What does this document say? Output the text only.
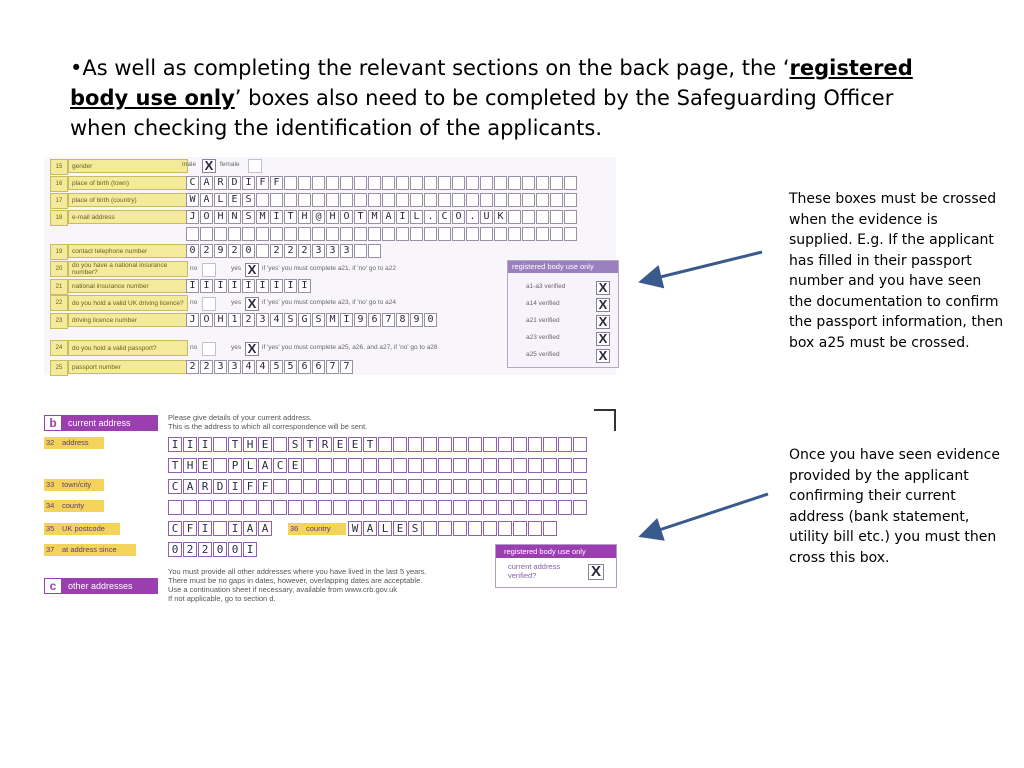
•As well as completing the relevant sections on the back page, the ‘registered body use only’ boxes also need to be completed by the Safeguarding Officer when checking the identification of the applicants.
15	gender	male X	female
16	place of birth (town)	C A R D I F F
17	place of birth (country)	W A L E S
18	e-mail address	J O H N S M I T H @ H O T M A I L . C O . U K
19	contact telephone number	0 2 9 2 0	2 2 2 3 3 3
20	do you have a national insurance number?
no	yes X if 'yes' you must complete a21, if 'no' go to a22
21	national insurance number	I I I I I I I I I
22	do you hold a valid UK driving licence? no	yes X if 'yes' you must complete a23, if 'no' go to a24
23	driving licence number	J O H 1 2 3 4 S G S M I 9 6 7 8 9 0
24	do you hold a valid passport?	no	yes X if 'yes' you must complete a25, a26, and a27, if 'no' go to a28
25	passport number	2 2 3 3 4 4 5 5 6 6 7 7
registered body use only
a1-a3 verified	X
a14 verified	X
a21 verified	X
a23 verified	X
a25 verified	X
b current address
Please give details of your current address.
This is the address to which all correspondence will be sent.
32 address	I I I	T H E	S T R E E T
T H E	P L A C E
33 town/city	C A R D I F F
34 county
35 UK postcode	C F I	I A A	36 country	W A L E S
37 at address since	0 2 2 0 0 I
You must provide all other addresses where you have lived in the last 5 years.
There must be no gaps in dates, however, overlapping dates are acceptable.
Use a continuation sheet if necessary, available from www.crb.gov.uk
If not applicable, go to section d.
c other addresses
registered body use only
current address verified?	X
These boxes must be crossed when the evidence is supplied. E.g. If the applicant has filled in their passport number and you have seen the documentation to confirm the passport information, then box a25 must be crossed.
Once you have seen evidence provided by the applicant confirming their current address (bank statement, utility bill etc.) you must then cross this box.
